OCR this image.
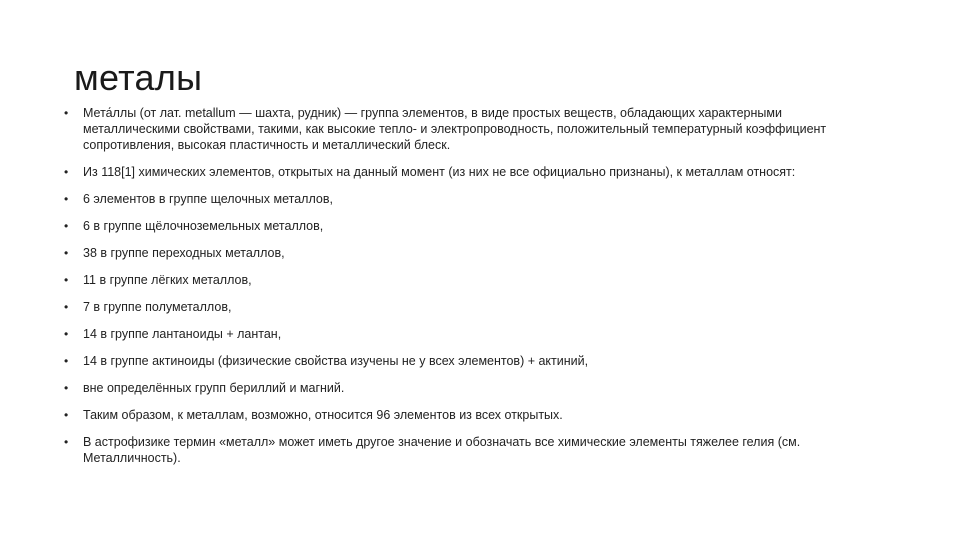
металы
• Мета́ллы (от лат. metallum — шахта, рудник) — группа элементов, в виде простых веществ, обладающих характерными металлическими свойствами, такими, как высокие тепло- и электропроводность, положительный температурный коэффициент сопротивления, высокая пластичность и металлический блеск.
• Из 118[1] химических элементов, открытых на данный момент (из них не все официально признаны), к металлам относят:
• 6 элементов в группе щелочных металлов,
• 6 в группе щёлочноземельных металлов,
• 38 в группе переходных металлов,
• 11 в группе лёгких металлов,
• 7 в группе полуметаллов,
• 14 в группе лантаноиды + лантан,
• 14 в группе актиноиды (физические свойства изучены не у всех элементов) + актиний,
• вне определённых групп бериллий и магний.
• Таким образом, к металлам, возможно, относится 96 элементов из всех открытых.
• В астрофизике термин «металл» может иметь другое значение и обозначать все химические элементы тяжелее гелия (см. Металличность).
